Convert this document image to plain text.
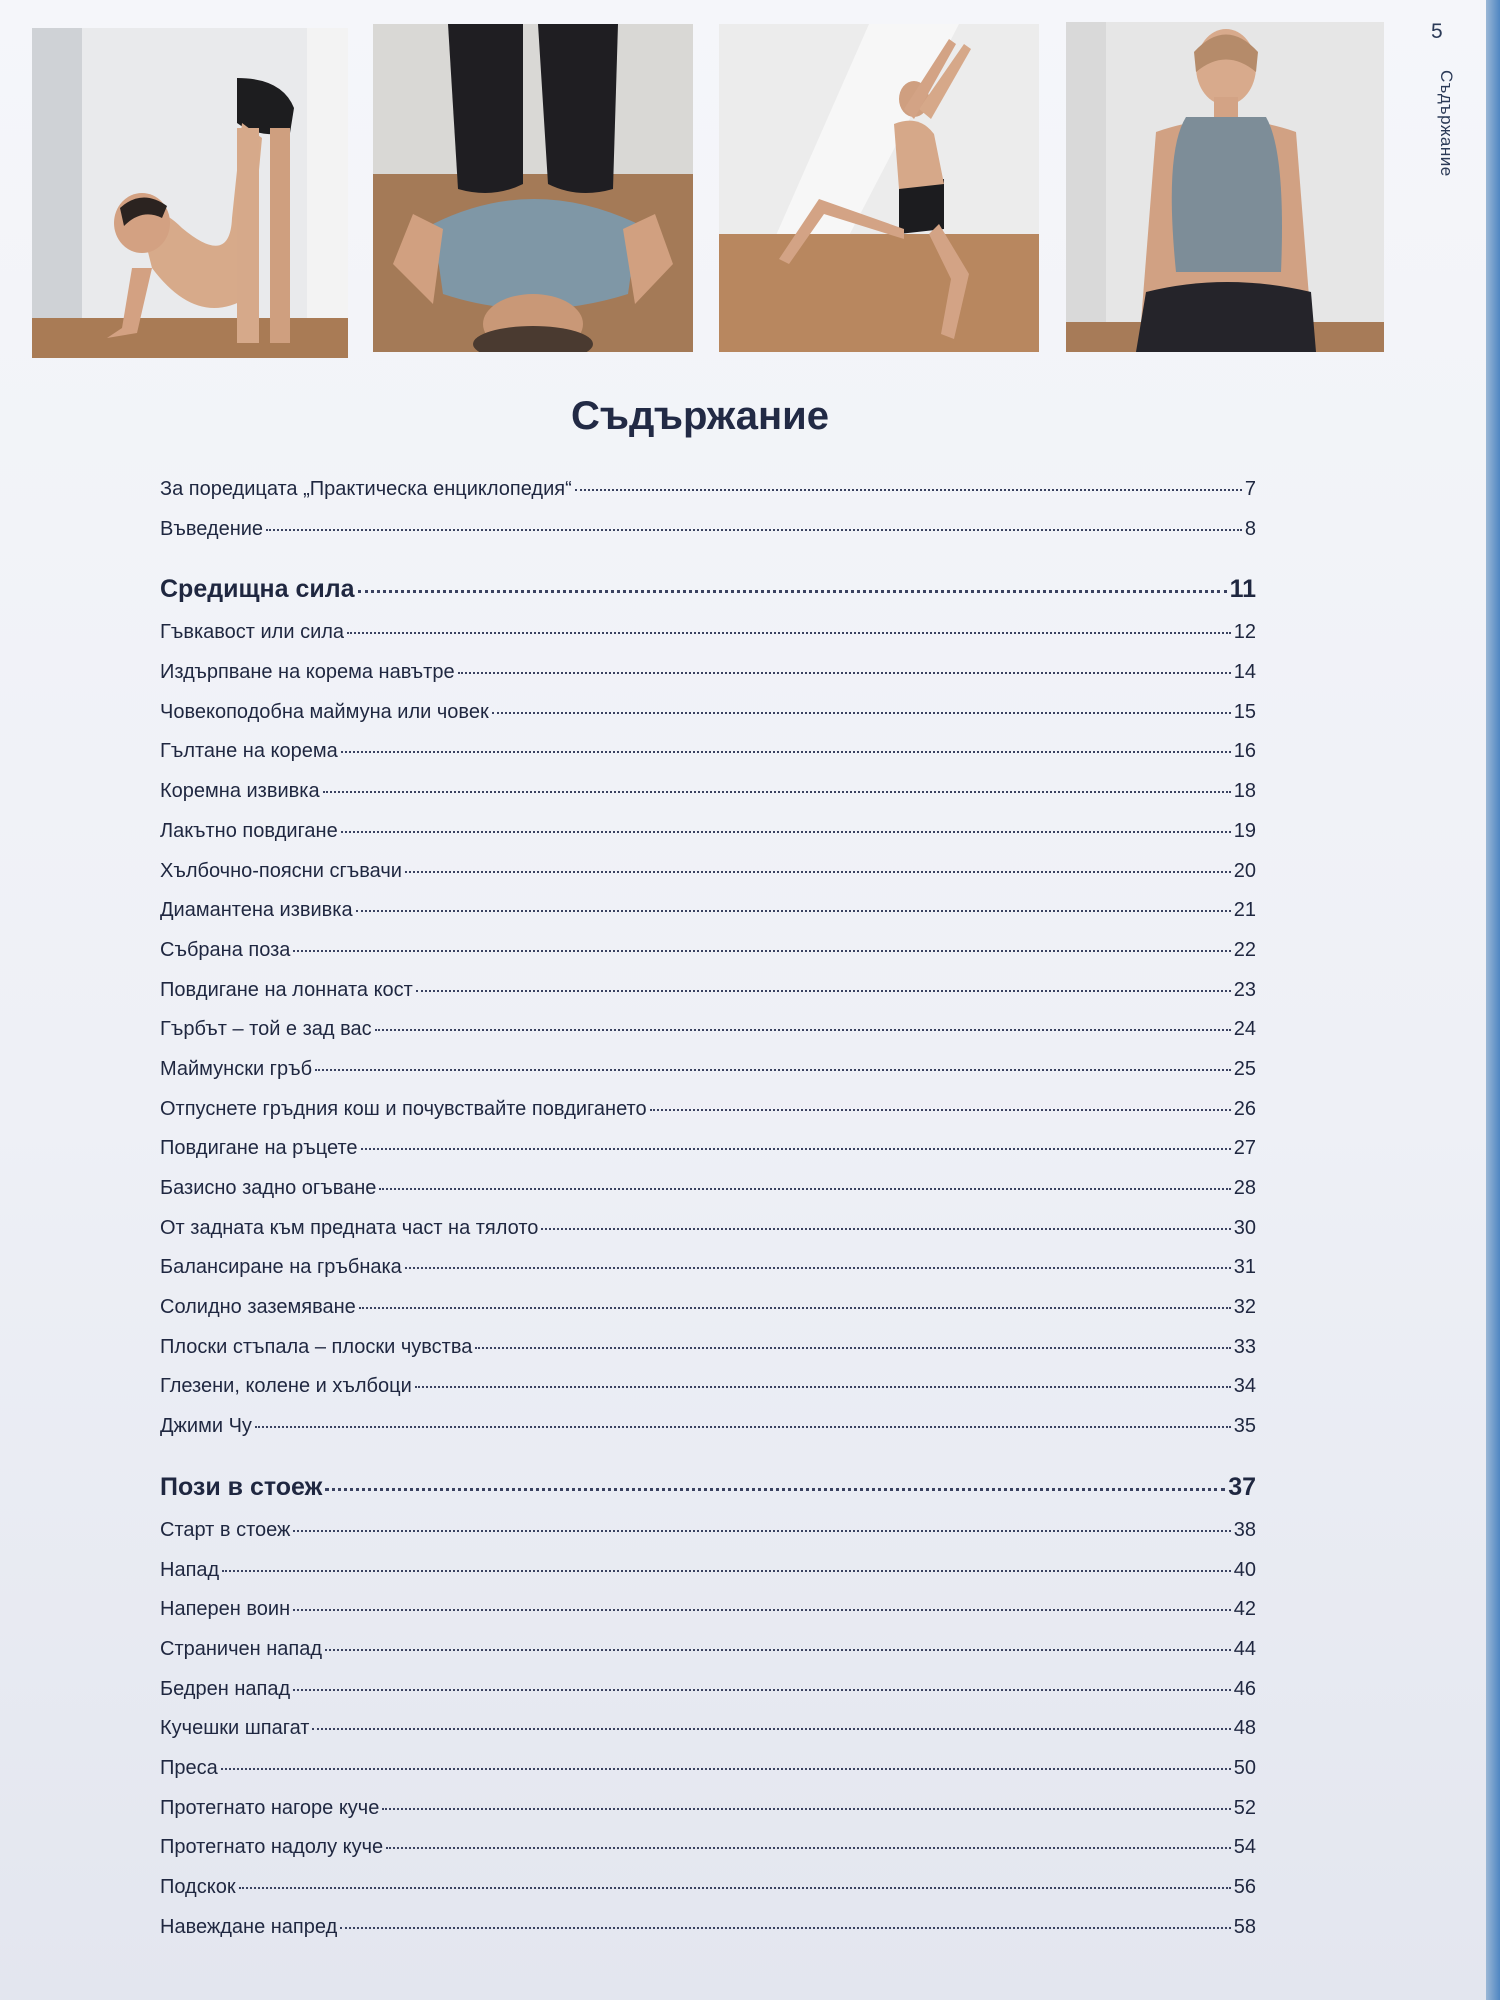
5
Съдържание
Съдържание
За поредицата „Практическа енциклопедия“	7
Въведение	8
Средищна сила	11
Гъвкавост или сила	12
Издърпване на корема навътре	14
Човекоподобна маймуна или човек	15
Гълтане на корема	16
Коремна извивка	18
Лакътно повдигане	19
Хълбочно-поясни сгъвачи	20
Диамантена извивка	21
Събрана поза	22
Повдигане на лонната кост	23
Гърбът – той е зад вас	24
Маймунски гръб	25
Отпуснете гръдния кош и почувствайте повдигането	26
Повдигане на ръцете	27
Базисно задно огъване	28
От задната към предната част на тялото	30
Балансиране на гръбнака	31
Солидно заземяване	32
Плоски стъпала – плоски чувства	33
Глезени, колене и хълбоци	34
Джими Чу	35
Пози в стоеж	37
Старт в стоеж	38
Напад	40
Наперен воин	42
Страничен напад	44
Бедрен напад	46
Кучешки шпагат	48
Преса	50
Протегнато нагоре куче	52
Протегнато надолу куче	54
Подскок	56
Навеждане напред	58
